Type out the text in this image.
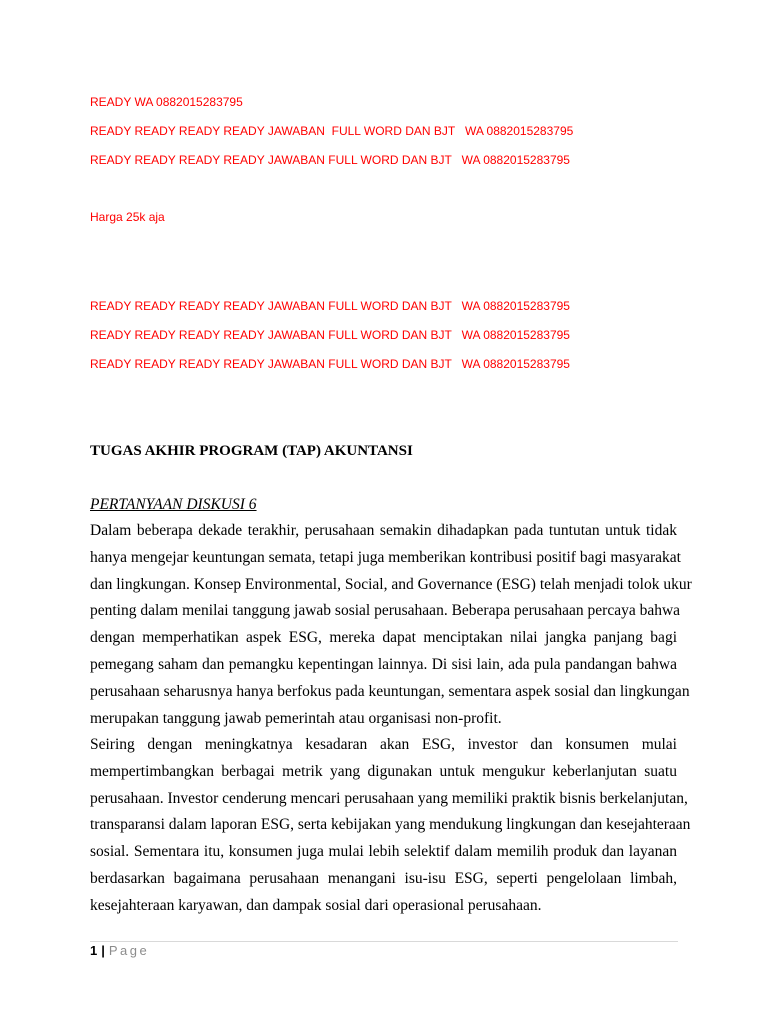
READY WA 0882015283795
READY READY READY READY JAWABAN  FULL WORD DAN BJT   WA 0882015283795
READY READY READY READY JAWABAN FULL WORD DAN BJT   WA 0882015283795
Harga 25k aja
READY READY READY READY JAWABAN FULL WORD DAN BJT   WA 0882015283795
READY READY READY READY JAWABAN FULL WORD DAN BJT   WA 0882015283795
READY READY READY READY JAWABAN FULL WORD DAN BJT   WA 0882015283795
TUGAS AKHIR PROGRAM (TAP) AKUNTANSI
PERTANYAAN DISKUSI 6
Dalam beberapa dekade terakhir, perusahaan semakin dihadapkan pada tuntutan untuk tidak
hanya mengejar keuntungan semata, tetapi juga memberikan kontribusi positif bagi masyarakat
dan lingkungan. Konsep Environmental, Social, and Governance (ESG) telah menjadi tolok ukur
penting dalam menilai tanggung jawab sosial perusahaan. Beberapa perusahaan percaya bahwa
dengan memperhatikan aspek ESG, mereka dapat menciptakan nilai jangka panjang bagi
pemegang saham dan pemangku kepentingan lainnya. Di sisi lain, ada pula pandangan bahwa
perusahaan seharusnya hanya berfokus pada keuntungan, sementara aspek sosial dan lingkungan
merupakan tanggung jawab pemerintah atau organisasi non-profit.
Seiring dengan meningkatnya kesadaran akan ESG, investor dan konsumen mulai
mempertimbangkan berbagai metrik yang digunakan untuk mengukur keberlanjutan suatu
perusahaan. Investor cenderung mencari perusahaan yang memiliki praktik bisnis berkelanjutan,
transparansi dalam laporan ESG, serta kebijakan yang mendukung lingkungan dan kesejahteraan
sosial. Sementara itu, konsumen juga mulai lebih selektif dalam memilih produk dan layanan
berdasarkan bagaimana perusahaan menangani isu-isu ESG, seperti pengelolaan limbah,
kesejahteraan karyawan, dan dampak sosial dari operasional perusahaan.
1 | Page
